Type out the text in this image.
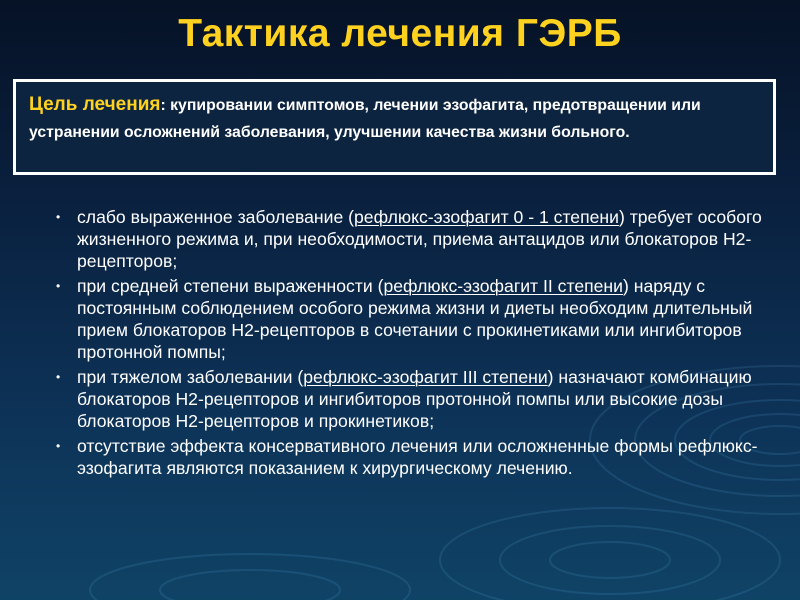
Тактика лечения ГЭРБ
Цель лечения: купировании симптомов, лечении эзофагита, предотвращении или устранении осложнений заболевания, улучшении качества жизни больного.
• слабо выраженное заболевание (рефлюкс-эзофагит 0 - 1 степени) требует особого жизненного режима и, при необходимости, приема антацидов или блокаторов Н2-рецепторов;
• при средней степени выраженности (рефлюкс-эзофагит II степени) наряду с постоянным соблюдением особого режима жизни и диеты необходим длительный прием блокаторов Н2-рецепторов в сочетании с прокинетиками или ингибиторов протонной помпы;
• при тяжелом заболевании (рефлюкс-эзофагит III степени) назначают комбинацию блокаторов Н2-рецепторов и ингибиторов протонной помпы или высокие дозы блокаторов Н2-рецепторов и прокинетиков;
• отсутствие эффекта консервативного лечения или осложненные формы рефлюкс-эзофагита являются показанием к хирургическому лечению.
